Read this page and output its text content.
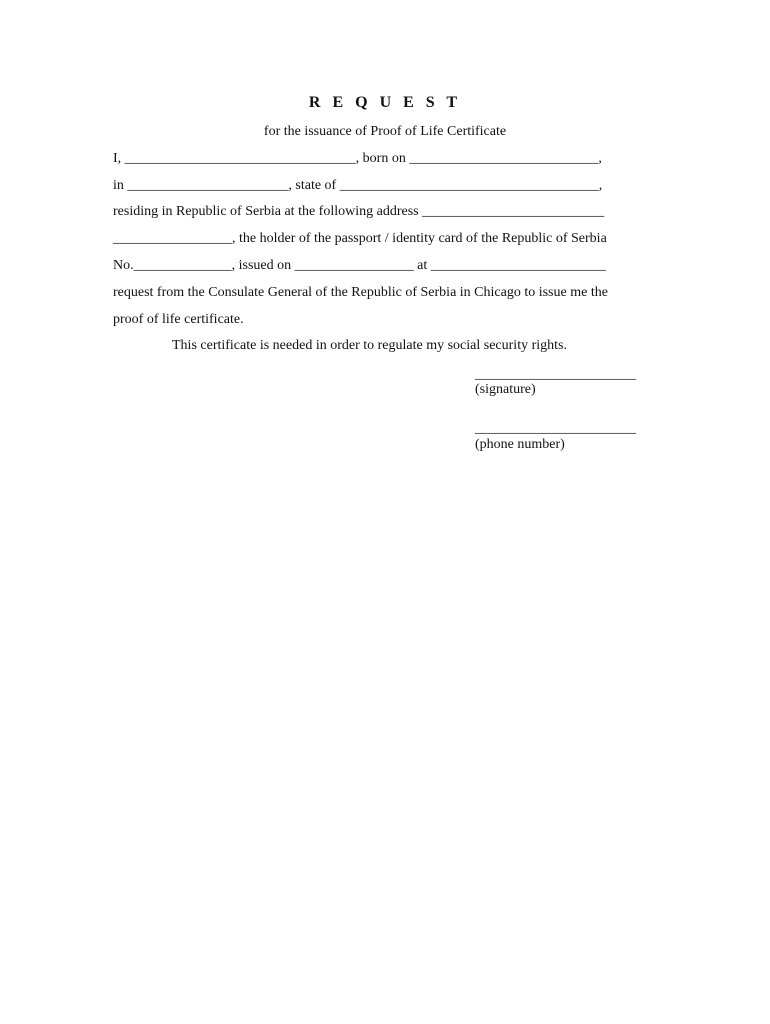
R E Q U E S T
for the issuance of Proof of Life Certificate
I, _________________________________, born on ___________________________,
in _______________________, state of _____________________________________,
residing in Republic of Serbia at the following address __________________________
_________________, the holder of the passport / identity card of the Republic of Serbia
No.______________, issued on _________________ at _________________________
request from the Consulate General of the Republic of Serbia in Chicago to issue me the
proof of life certificate.
This certificate is needed in order to regulate my social security rights.
_______________________
(signature)
_______________________
(phone number)
